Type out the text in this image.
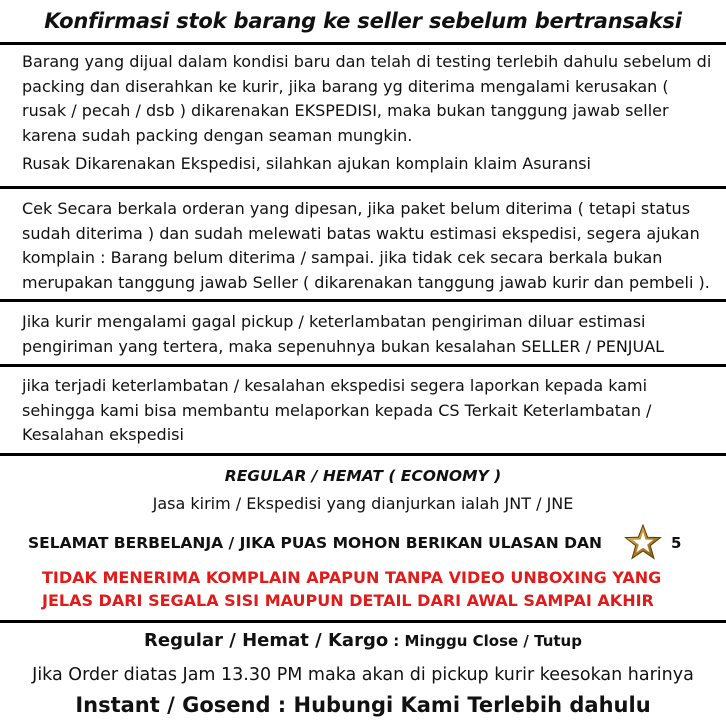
Konfirmasi stok barang ke seller sebelum bertransaksi

Barang yang dijual dalam kondisi baru dan telah di testing terlebih dahulu sebelum di packing dan diserahkan ke kurir, jika barang yg diterima mengalami kerusakan ( rusak / pecah / dsb ) dikarenakan EKSPEDISI, maka bukan tanggung jawab seller karena sudah packing dengan seaman mungkin.

Rusak Dikarenakan Ekspedisi, silahkan ajukan komplain klaim Asuransi

Cek Secara berkala orderan yang dipesan, jika paket belum diterima ( tetapi status sudah diterima ) dan sudah melewati batas waktu estimasi ekspedisi, segera ajukan komplain : Barang belum diterima / sampai. jika tidak cek secara berkala bukan merupakan tanggung jawab Seller ( dikarenakan tanggung jawab kurir dan pembeli ).

Jika kurir mengalami gagal pickup / keterlambatan pengiriman diluar estimasi pengiriman yang tertera, maka sepenuhnya bukan kesalahan SELLER / PENJUAL

jika terjadi keterlambatan / kesalahan ekspedisi segera laporkan kepada kami sehingga kami bisa membantu melaporkan kepada CS Terkait Keterlambatan / Kesalahan ekspedisi

REGULAR / HEMAT ( ECONOMY )
Jasa kirim / Ekspedisi yang dianjurkan ialah JNT / JNE
SELAMAT BERBELANJA / JIKA PUAS MOHON BERIKAN ULASAN DAN	5
TIDAK MENERIMA KOMPLAIN APAPUN TANPA VIDEO UNBOXING YANG
JELAS DARI SEGALA SISI MAUPUN DETAIL DARI AWAL SAMPAI AKHIR
Regular / Hemat / Kargo : Minggu Close / Tutup
Jika Order diatas Jam 13.30 PM maka akan di pickup kurir keesokan harinya
Instant / Gosend : Hubungi Kami Terlebih dahulu
